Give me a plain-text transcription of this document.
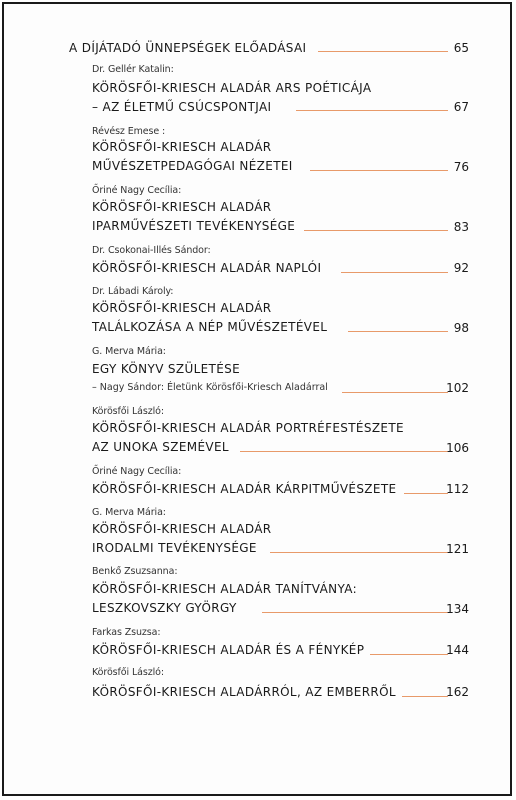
A DÍJÁTADÓ ÜNNEPSÉGEK ELŐADÁSAI	65
Dr. Gellér Katalin:
KÖRÖSFŐI-KRIESCH ALADÁR ARS POÉTICÁJA
– AZ ÉLETMŰ CSÚCSPONTJAI	67
Révész Emese :
KÖRÖSFŐI-KRIESCH ALADÁR
MŰVÉSZETPEDAGÓGAI NÉZETEI	76
Őriné Nagy Cecília:
KÖRÖSFŐI-KRIESCH ALADÁR
IPARMŰVÉSZETI TEVÉKENYSÉGE	83
Dr. Csokonai-Illés Sándor:
KÖRÖSFŐI-KRIESCH ALADÁR NAPLÓI	92
Dr. Lábadi Károly:
KÖRÖSFŐI-KRIESCH ALADÁR
TALÁLKOZÁSA A NÉP MŰVÉSZETÉVEL	98
G. Merva Mária:
EGY KÖNYV SZÜLETÉSE
– Nagy Sándor: Életünk Körösfői-Kriesch Aladárral	102
Körösfői László:
KÖRÖSFŐI-KRIESCH ALADÁR PORTRÉFESTÉSZETE
AZ UNOKA SZEMÉVEL	106
Őriné Nagy Cecília:
KÖRÖSFŐI-KRIESCH ALADÁR KÁRPITMŰVÉSZETE	112
G. Merva Mária:
KÖRÖSFŐI-KRIESCH ALADÁR
IRODALMI TEVÉKENYSÉGE	121
Benkő Zsuzsanna:
KÖRÖSFŐI-KRIESCH ALADÁR TANÍTVÁNYA:
LESZKOVSZKY GYÖRGY	134
Farkas Zsuzsa:
KÖRÖSFŐI-KRIESCH ALADÁR ÉS A FÉNYKÉP	144
Körösfői László:
KÖRÖSFŐI-KRIESCH ALADÁRRÓL, AZ EMBERRŐL	162
